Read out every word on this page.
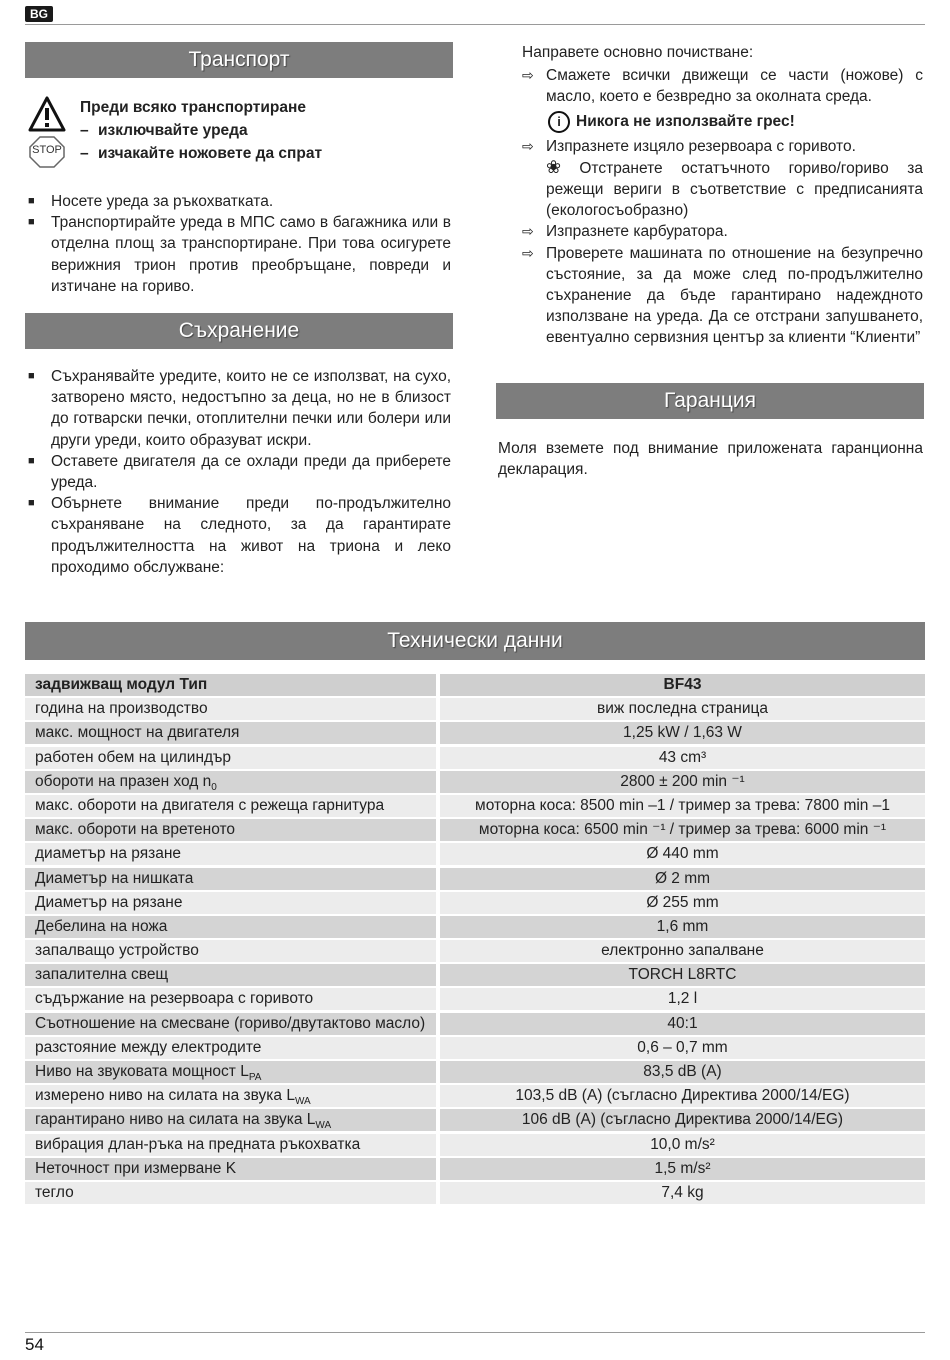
BG
Транспорт
STOP
Преди всяко транспортиране
– изключвайте уреда
– изчакайте ножовете да спрат
■ Носете уреда за ръкохватката.
■ Транспортирайте уреда в МПС само в багажника или в отделна площ за транспортиране. При това осигурете верижния трион против преобръщане, повреди и изтичане на гориво.
Съхранение
■ Съхранявайте уредите, които не се използват, на сухо, затворено място, недостъпно за деца, но не в близост до готварски печки, отоплителни печки или болери или други уреди, които образуват искри.
■ Оставете двигателя да се охлади преди да приберете уреда.
■ Обърнете внимание преди по-продължително съхраняване на следното, за да гарантирате продължителността на живот на триона и леко проходимо обслужване:
Направете основно почистване:
⇨ Смажете всички движещи се части (ножове) с масло, което е безвредно за околната среда.
i Никога не използвайте грес!
⇨ Изпразнете изцяло резервоара с горивото.
❀ Отстранете остатъчното гориво/гориво за режещи вериги в съответствие с предписанията (екологосъобразно)
⇨ Изпразнете карбуратора.
⇨ Проверете машината по отношение на безупречно състояние, за да може след по-продължително съхранение да бъде гарантирано надеждното използване на уреда. Да се отстрани запушването, евентуално сервизния център за клиенти “Клиенти”
Гаранция
Моля вземете под внимание приложената гаранционна декларация.
Технически данни
задвижващ модул Тип	BF43
година на производство	виж последна страница
макс. мощност на двигателя	1,25 kW / 1,63 W
работен обем на цилиндър	43 cm³
обороти на празен ход $n_0$	2800 ± 200 min ⁻¹
макс. обороти на двигателя с режеща гарнитура	моторна коса: 8500 min –1 / тример за трева: 7800 min –1
макс. обороти на вретеното	моторна коса: 6500 min ⁻¹ / тример за трева: 6000 min ⁻¹
диаметър на рязане	Ø 440 mm
Диаметър на нишката	Ø 2 mm
Диаметър на рязане	Ø 255 mm
Дебелина на ножа	1,6 mm
запалващо устройство	електронно запалване
запалителна свещ	TORCH L8RTC
съдържание на резервоара с горивото	1,2 l
Съотношение на смесване (гориво/двутактово масло)	40:1
разстояние между електродите	0,6 – 0,7 mm
Ниво на звуковата мощност $L_{PA}$	83,5 dB (A)
измерено ниво на силата на звука $L_{WA}$	103,5 dB (A) (съгласно Директива 2000/14/EG)
гарантирано ниво на силата на звука $L_{WA}$	106 dB (A) (съгласно Директива 2000/14/EG)
вибрация длан-ръка на предната ръкохватка	10,0 m/s²
Неточност при измерване K	1,5 m/s²
тегло	7,4 kg
54
